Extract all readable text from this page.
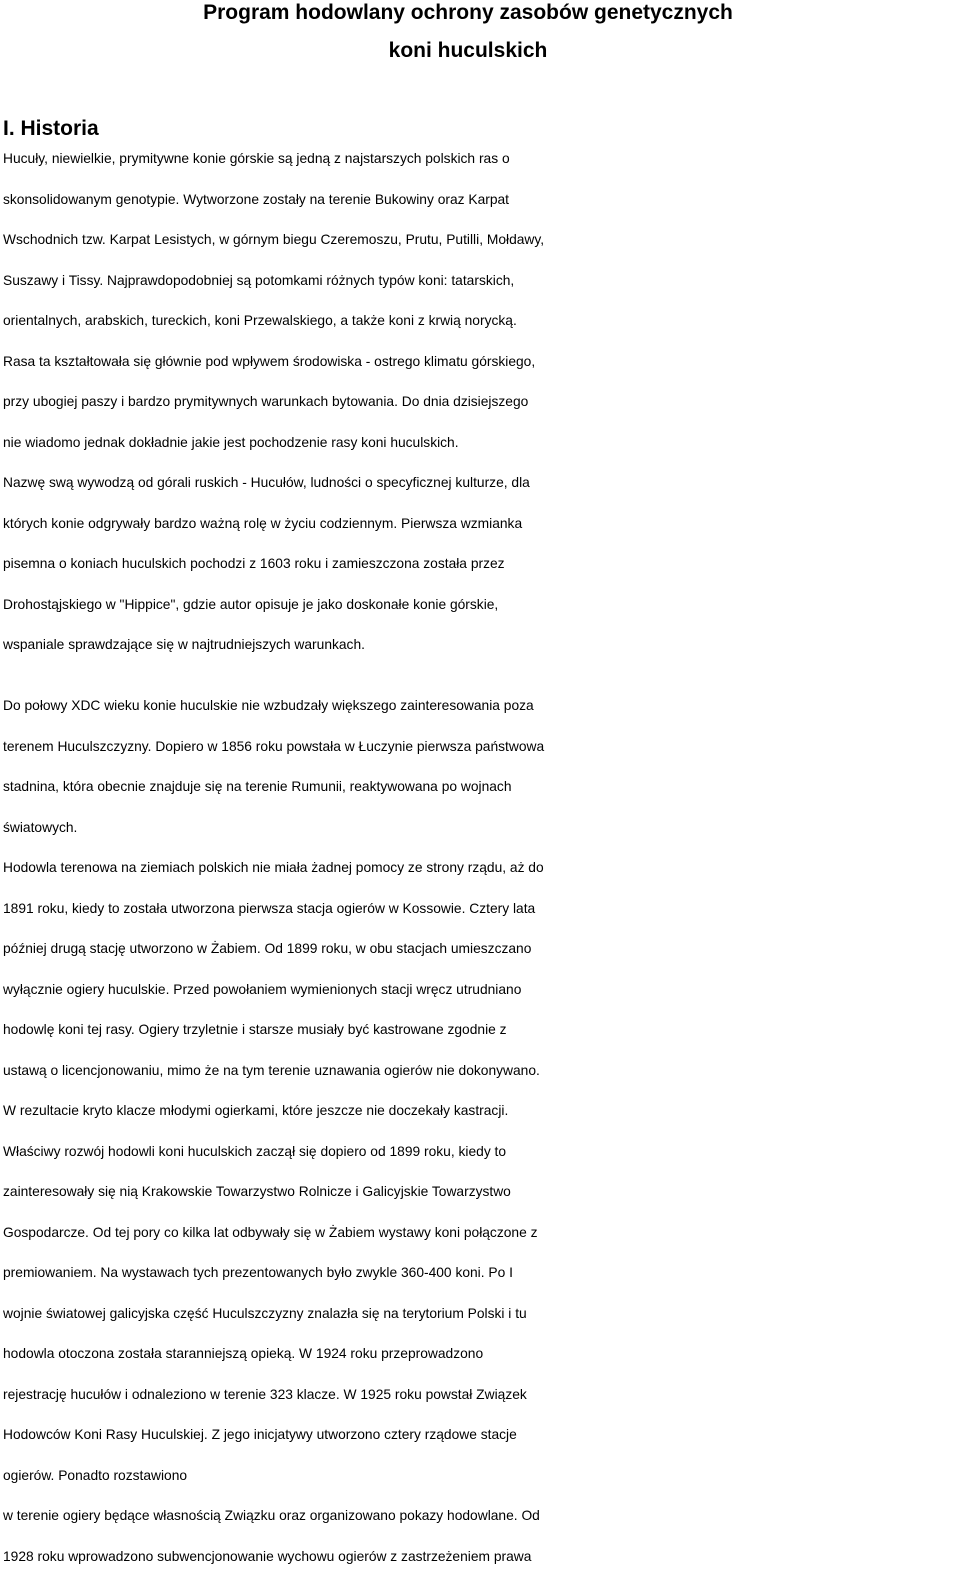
Program hodowlany ochrony zasobów genetycznych
koni huculskich
I. Historia
Hucuły, niewielkie, prymitywne konie górskie są jedną z najstarszych polskich ras o
skonsolidowanym genotypie. Wytworzone zostały na terenie Bukowiny oraz Karpat
Wschodnich tzw. Karpat Lesistych, w górnym biegu Czeremoszu, Prutu, Putilli, Mołdawy,
Suszawy i Tissy. Najprawdopodobniej są potomkami różnych typów koni: tatarskich,
orientalnych, arabskich, tureckich, koni Przewalskiego, a także koni z krwią norycką.
Rasa ta kształtowała się głównie pod wpływem środowiska - ostrego klimatu górskiego,
przy ubogiej paszy i bardzo prymitywnych warunkach bytowania. Do dnia dzisiejszego
nie wiadomo jednak dokładnie jakie jest pochodzenie rasy koni huculskich.
Nazwę swą wywodzą od górali ruskich - Hucułów, ludności o specyficznej kulturze, dla
których konie odgrywały bardzo ważną rolę w życiu codziennym. Pierwsza wzmianka
pisemna o koniach huculskich pochodzi z 1603 roku i zamieszczona została przez
Drohostąjskiego w "Hippice", gdzie autor opisuje je jako doskonałe konie górskie,
wspaniale sprawdzające się w najtrudniejszych warunkach.
Do połowy XDC wieku konie huculskie nie wzbudzały większego zainteresowania poza
terenem Huculszczyzny. Dopiero w 1856 roku powstała w Łuczynie pierwsza państwowa
stadnina, która obecnie znajduje się na terenie Rumunii, reaktywowana po wojnach
światowych.
Hodowla terenowa na ziemiach polskich nie miała żadnej pomocy ze strony rządu, aż do
1891 roku, kiedy to została utworzona pierwsza stacja ogierów w Kossowie. Cztery lata
później drugą stację utworzono w Żabiem. Od 1899 roku, w obu stacjach umieszczano
wyłącznie ogiery huculskie. Przed powołaniem wymienionych stacji wręcz utrudniano
hodowlę koni tej rasy. Ogiery trzyletnie i starsze musiały być kastrowane zgodnie z
ustawą o licencjonowaniu, mimo że na tym terenie uznawania ogierów nie dokonywano.
W rezultacie kryto klacze młodymi ogierkami, które jeszcze nie doczekały kastracji.
Właściwy rozwój hodowli koni huculskich zaczął się dopiero od 1899 roku, kiedy to
zainteresowały się nią Krakowskie Towarzystwo Rolnicze i Galicyjskie Towarzystwo
Gospodarcze. Od tej pory co kilka lat odbywały się w Żabiem wystawy koni połączone z
premiowaniem. Na wystawach tych prezentowanych było zwykle 360-400 koni. Po I
wojnie światowej galicyjska część Huculszczyzny znalazła się na terytorium Polski i tu
hodowla otoczona została staranniejszą opieką. W 1924 roku przeprowadzono
rejestrację hucułów i odnaleziono w terenie 323 klacze. W 1925 roku powstał Związek
Hodowców Koni Rasy Huculskiej. Z jego inicjatywy utworzono cztery rządowe stacje
ogierów. Ponadto rozstawiono
w terenie ogiery będące własnością Związku oraz organizowano pokazy hodowlane. Od
1928 roku wprowadzono subwencjonowanie wychowu ogierów z zastrzeżeniem prawa
